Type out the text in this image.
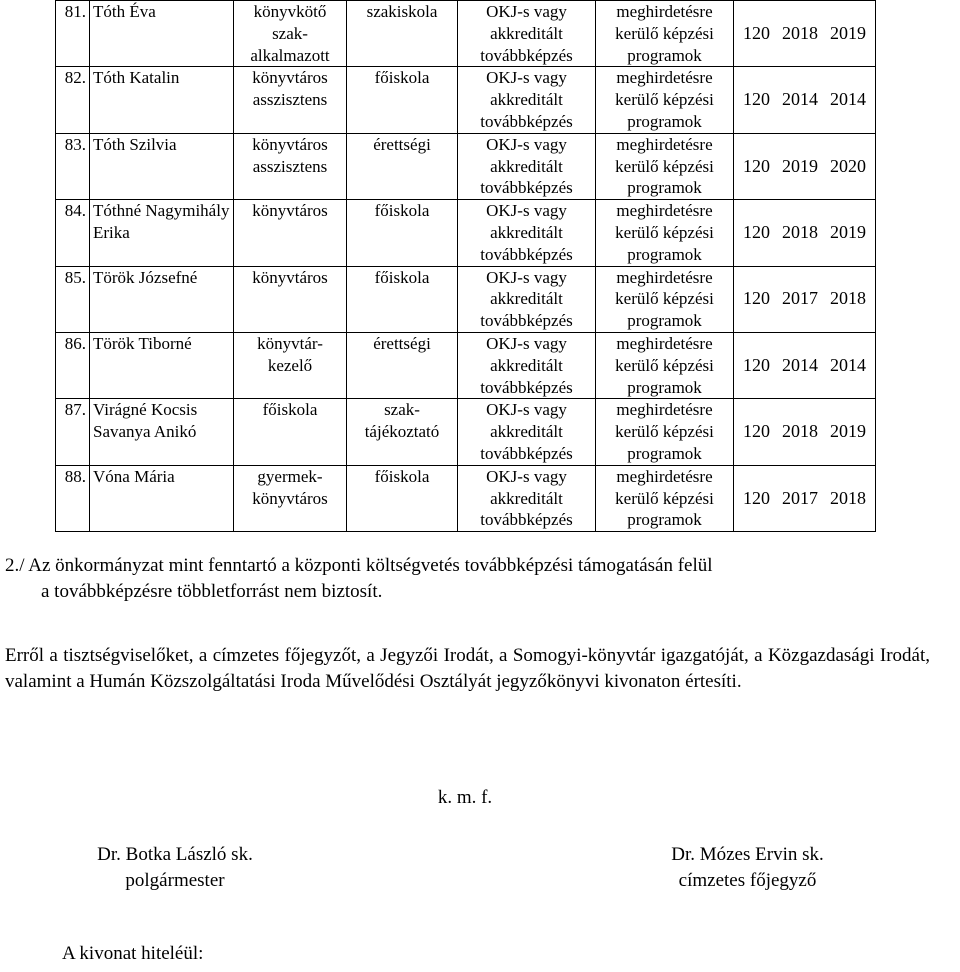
81.	Tóth Éva	könyvkötő szak-alkalmazott	szakiskola	OKJ-s vagy akkreditált továbbképzés	meghirdetésre kerülő képzési programok	120 2018 2019
82.	Tóth Katalin	könyvtáros asszisztens	főiskola	OKJ-s vagy akkreditált továbbképzés	meghirdetésre kerülő képzési programok	120 2014 2014
83.	Tóth Szilvia	könyvtáros asszisztens	érettségi	OKJ-s vagy akkreditált továbbképzés	meghirdetésre kerülő képzési programok	120 2019 2020
84.	Tóthné Nagymihály Erika	könyvtáros	főiskola	OKJ-s vagy akkreditált továbbképzés	meghirdetésre kerülő képzési programok	120 2018 2019
85.	Török Józsefné	könyvtáros	főiskola	OKJ-s vagy akkreditált továbbképzés	meghirdetésre kerülő képzési programok	120 2017 2018
86.	Török Tiborné	könyvtár-kezelő	érettségi	OKJ-s vagy akkreditált továbbképzés	meghirdetésre kerülő képzési programok	120 2014 2014
87.	Virágné Kocsis Savanya Anikó	főiskola	szak-tájékoztató	OKJ-s vagy akkreditált továbbképzés	meghirdetésre kerülő képzési programok	120 2018 2019
88.	Vóna Mária	gyermek-könyvtáros	főiskola	OKJ-s vagy akkreditált továbbképzés	meghirdetésre kerülő képzési programok	120 2017 2018
2./ Az önkormányzat mint fenntartó a központi költségvetés továbbképzési támogatásán felül
a továbbképzésre többletforrást nem biztosít.
Erről a tisztségviselőket, a címzetes főjegyzőt, a Jegyzői Irodát, a Somogyi-könyvtár igazgatóját, a Közgazdasági Irodát, valamint a Humán Közszolgáltatási Iroda Művelődési Osztályát jegyzőkönyvi kivonaton értesíti.
k. m. f.
Dr. Botka László sk.
polgármester
Dr. Mózes Ervin sk.
címzetes főjegyző
A kivonat hiteléül:
